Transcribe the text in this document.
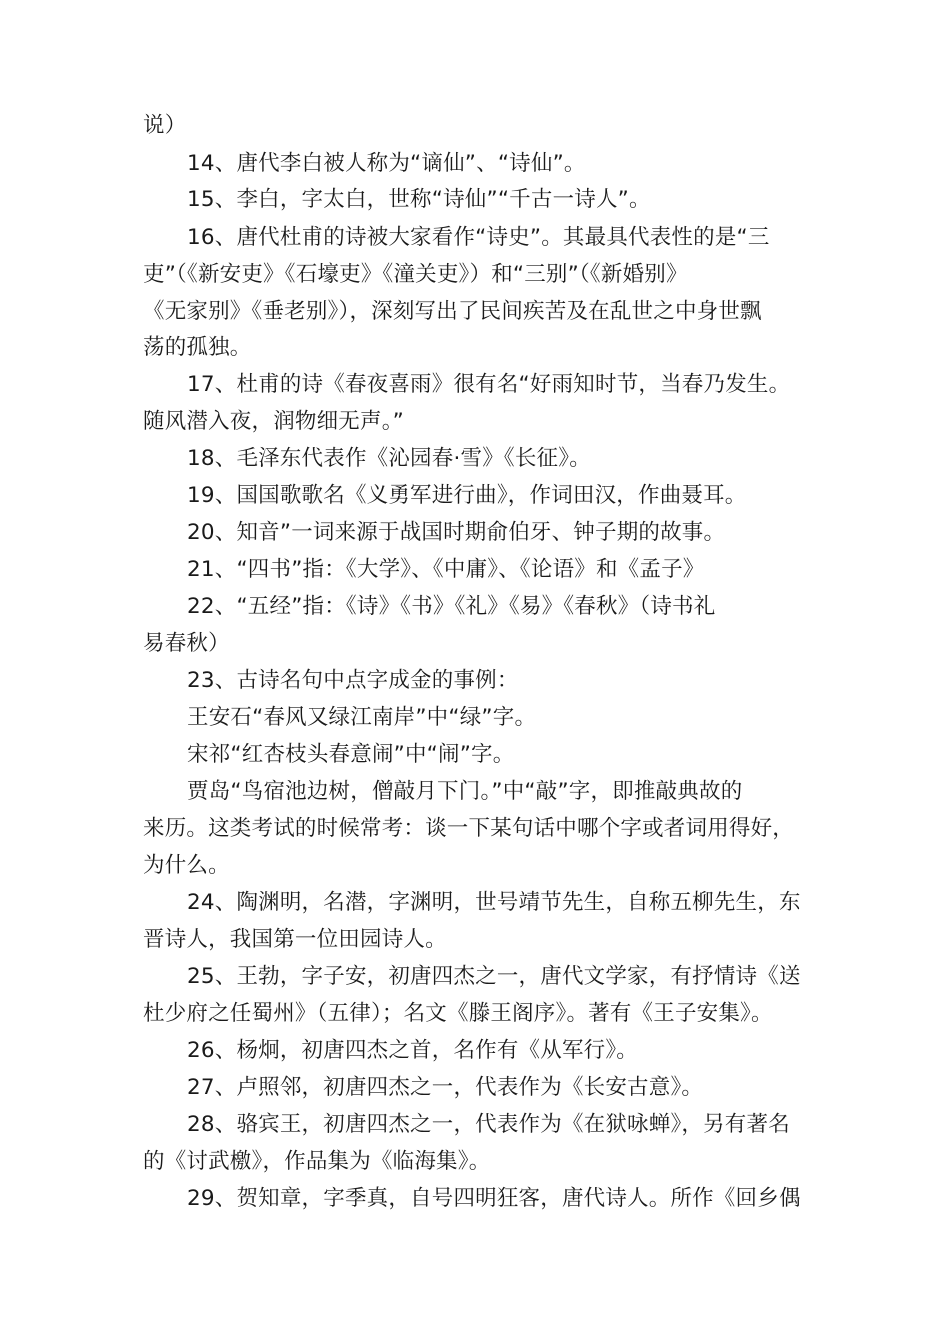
说）
14、唐代李白被人称为“谪仙”、“诗仙”。
15、李白，字太白，世称“诗仙”“千古一诗人”。
16、唐代杜甫的诗被大家看作“诗史”。其最具代表性的是“三
吏”（《新安吏》《石壕吏》《潼关吏》）和“三别”（《新婚别》
《无家别》《垂老别》），深刻写出了民间疾苦及在乱世之中身世飘
荡的孤独。
17、杜甫的诗《春夜喜雨》很有名“好雨知时节，当春乃发生。
随风潜入夜，润物细无声。”
18、毛泽东代表作《沁园春·雪》《长征》。
19、国国歌歌名《义勇军进行曲》，作词田汉，作曲聂耳。
20、知音”一词来源于战国时期俞伯牙、钟子期的故事。
21、“四书”指：《大学》、《中庸》、《论语》和《孟子》
22、“五经”指：《诗》《书》《礼》《易》《春秋》（诗书礼
易春秋）
23、古诗名句中点字成金的事例：
王安石“春风又绿江南岸”中“绿”字。
宋祁“红杏枝头春意闹”中“闹”字。
贾岛“鸟宿池边树，僧敲月下门。”中“敲”字，即推敲典故的
来历。这类考试的时候常考：谈一下某句话中哪个字或者词用得好，
为什么。
24、陶渊明，名潜，字渊明，世号靖节先生，自称五柳先生，东
晋诗人，我国第一位田园诗人。
25、王勃，字子安，初唐四杰之一，唐代文学家，有抒情诗《送
杜少府之任蜀州》（五律）；名文《滕王阁序》。著有《王子安集》。
26、杨炯，初唐四杰之首，名作有《从军行》。
27、卢照邻，初唐四杰之一，代表作为《长安古意》。
28、骆宾王，初唐四杰之一，代表作为《在狱咏蝉》，另有著名
的《讨武檄》，作品集为《临海集》。
29、贺知章，字季真，自号四明狂客，唐代诗人。所作《回乡偶
